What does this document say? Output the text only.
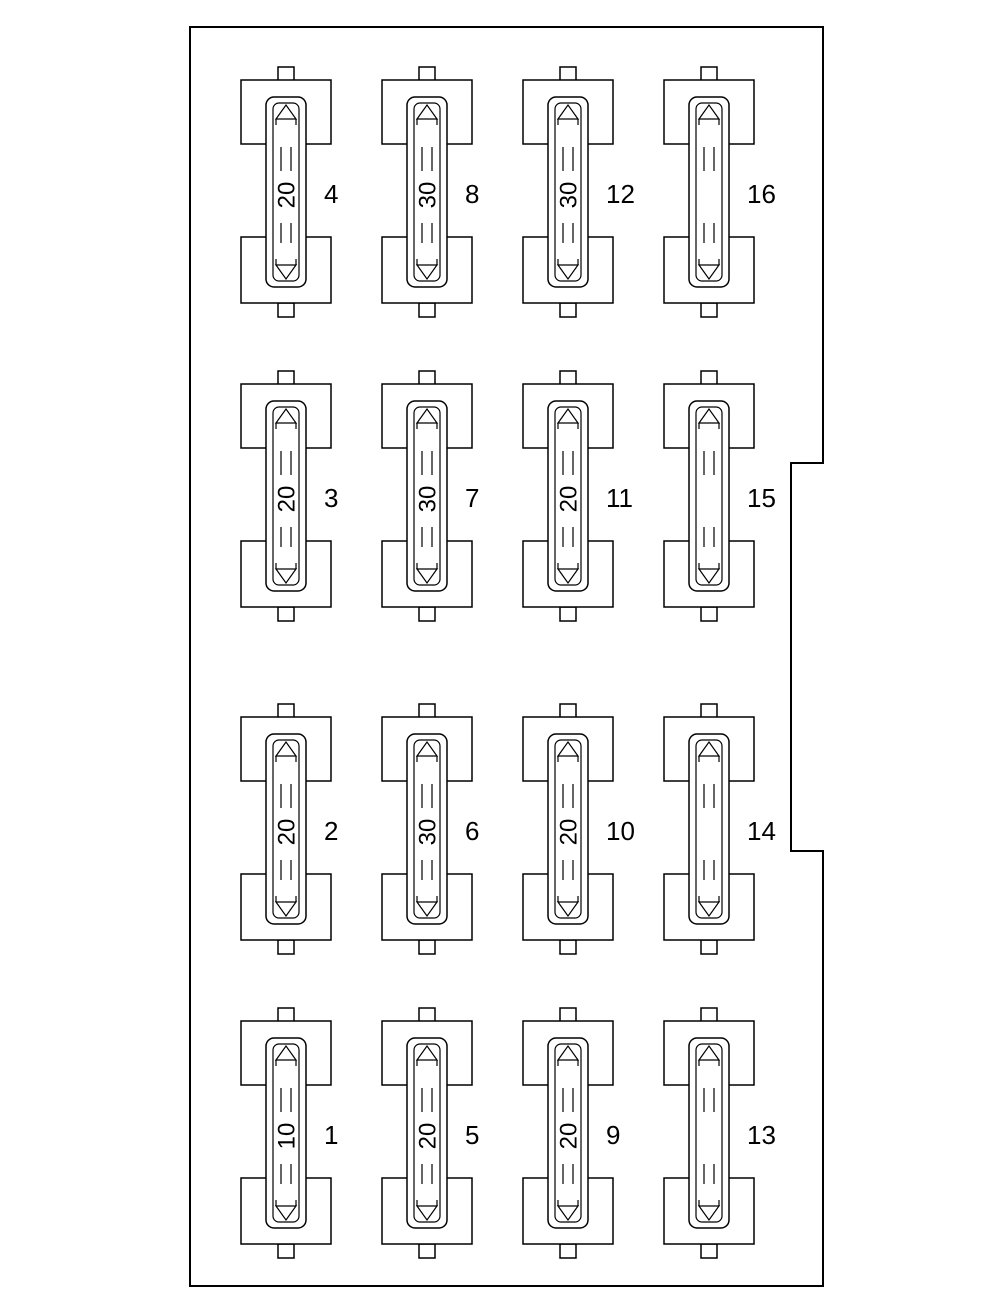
20 4	30 8	30 12	16
20 3	30 7	20 11	15
20 2	30 6	20 10	14
10 1	20 5	20 9	13
